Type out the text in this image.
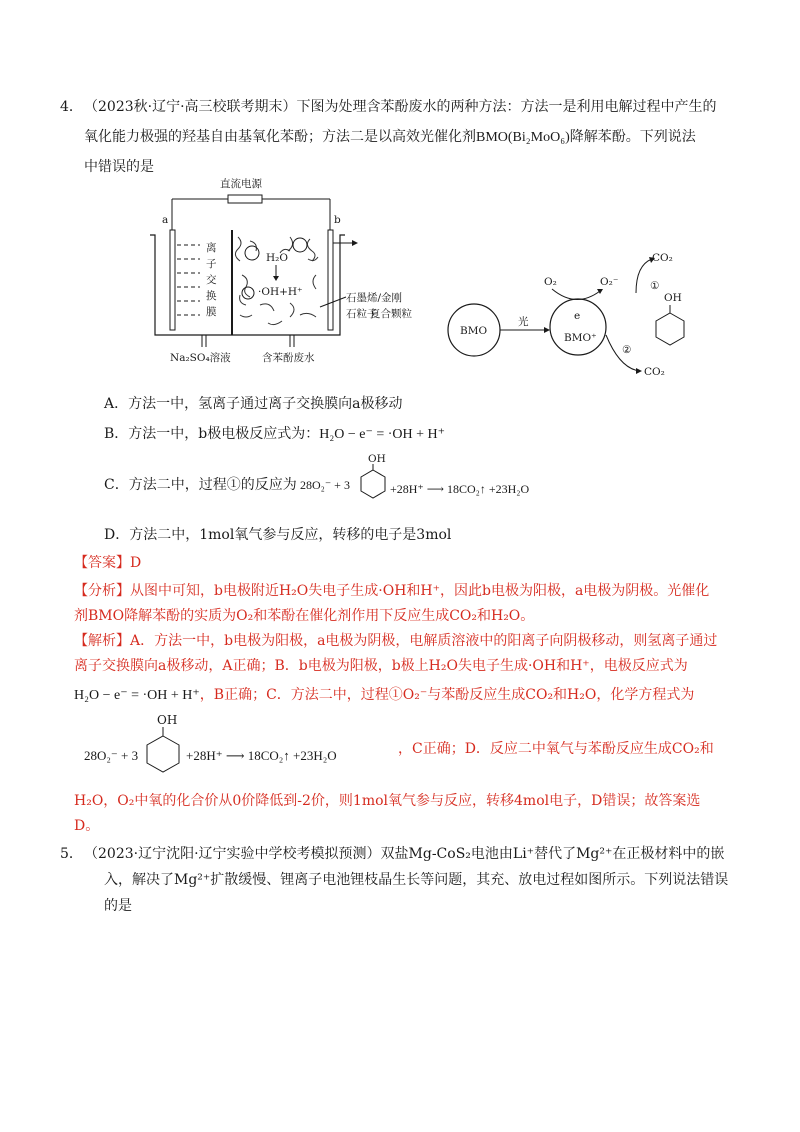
4． （2023秋·辽宁·高三校联考期末）下图为处理含苯酚废水的两种方法：方法一是利用电解过程中产生的
氧化能力极强的羟基自由基氧化苯酚；方法二是以高效光催化剂BMO(Bi₂MoO₆)降解苯酚。下列说法
中错误的是
直流电源
a	b
离
子
交
换
膜
H₂O
·OH+H⁺	石墨烯/金刚
石粒子
复合颗粒
Na₂SO₄溶液	含苯酚废水
BMO
光	e
BMO⁺
O₂	O₂⁻
CO₂
①
OH
②
CO₂
A．方法一中，氢离子通过离子交换膜向a极移动
B．方法一中，b极电极反应式为：H₂O − e⁻ = ·OH + H⁺
C．方法二中，过程①的反应为 28O₂⁻ + 3
OH
+28H⁺ ⟶ 18CO₂↑ +23H₂O
D．方法二中，1mol氧气参与反应，转移的电子是3mol
【答案】D
【分析】从图中可知，b电极附近H₂O失电子生成·OH和H⁺，因此b电极为阳极，a电极为阴极。光催化
剂BMO降解苯酚的实质为O₂和苯酚在催化剂作用下反应生成CO₂和H₂O。
【解析】A．方法一中，b电极为阳极，a电极为阴极，电解质溶液中的阳离子向阴极移动，则氢离子通过
离子交换膜向a极移动，A正确；B．b电极为阳极，b极上H₂O失电子生成·OH和H⁺，电极反应式为
H₂O − e⁻ = ·OH + H⁺，B正确；C．方法二中，过程①O₂⁻与苯酚反应生成CO₂和H₂O，化学方程式为
28O₂⁻ + 3
OH
+28H⁺ ⟶ 18CO₂↑ +23H₂O	，C正确；D．反应二中氧气与苯酚反应生成CO₂和
H₂O，O₂中氧的化合价从0价降低到-2价，则1mol氧气参与反应，转移4mol电子，D错误；故答案选
D。
5． （2023·辽宁沈阳·辽宁实验中学校考模拟预测）双盐Mg-CoS₂电池由Li⁺替代了Mg²⁺在正极材料中的嵌
入，解决了Mg²⁺扩散缓慢、锂离子电池锂枝晶生长等问题，其充、放电过程如图所示。下列说法错误
的是
